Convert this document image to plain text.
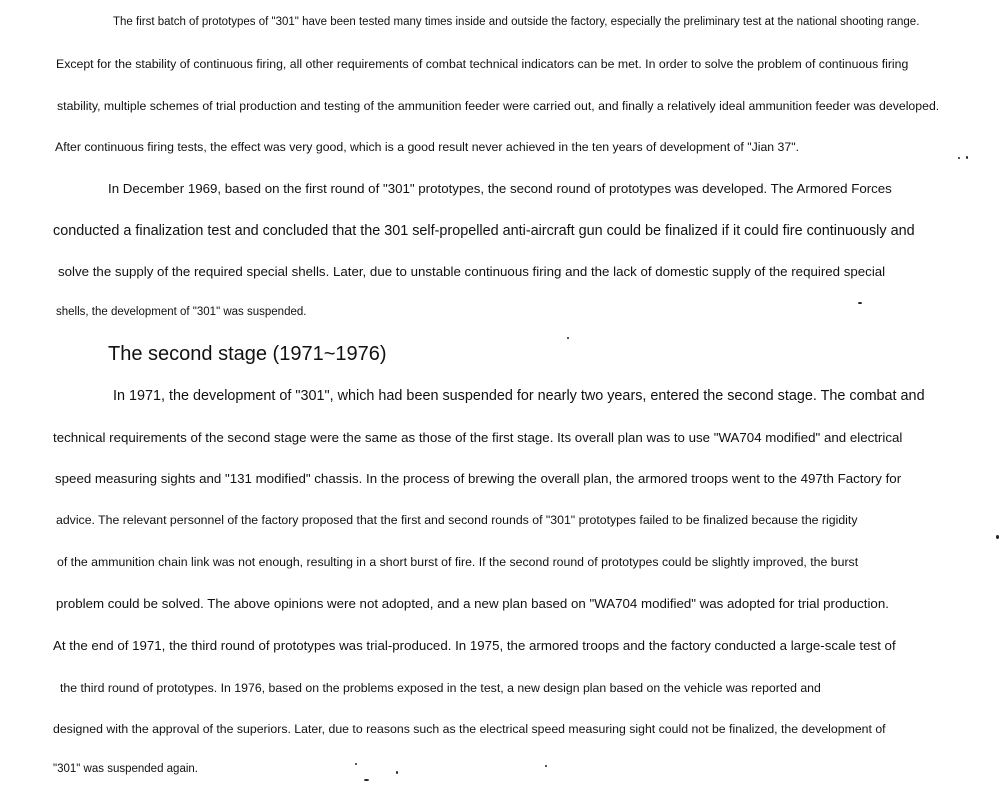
The first batch of prototypes of "301" have been tested many times inside and outside the factory, especially the preliminary test at the national shooting range.
Except for the stability of continuous firing, all other requirements of combat technical indicators can be met. In order to solve the problem of continuous firing
stability, multiple schemes of trial production and testing of the ammunition feeder were carried out, and finally a relatively ideal ammunition feeder was developed.
After continuous firing tests, the effect was very good, which is a good result never achieved in the ten years of development of "Jian 37".
In December 1969, based on the first round of "301" prototypes, the second round of prototypes was developed. The Armored Forces
conducted a finalization test and concluded that the 301 self-propelled anti-aircraft gun could be finalized if it could fire continuously and
solve the supply of the required special shells. Later, due to unstable continuous firing and the lack of domestic supply of the required special
shells, the development of "301" was suspended.
The second stage (1971~1976)
In 1971, the development of "301", which had been suspended for nearly two years, entered the second stage. The combat and
technical requirements of the second stage were the same as those of the first stage. Its overall plan was to use "WA704 modified" and electrical
speed measuring sights and "131 modified" chassis. In the process of brewing the overall plan, the armored troops went to the 497th Factory for
advice. The relevant personnel of the factory proposed that the first and second rounds of "301" prototypes failed to be finalized because the rigidity
of the ammunition chain link was not enough, resulting in a short burst of fire. If the second round of prototypes could be slightly improved, the burst
problem could be solved. The above opinions were not adopted, and a new plan based on "WA704 modified" was adopted for trial production.
At the end of 1971, the third round of prototypes was trial-produced. In 1975, the armored troops and the factory conducted a large-scale test of
the third round of prototypes. In 1976, based on the problems exposed in the test, a new design plan based on the vehicle was reported and
designed with the approval of the superiors. Later, due to reasons such as the electrical speed measuring sight could not be finalized, the development of
"301" was suspended again.
